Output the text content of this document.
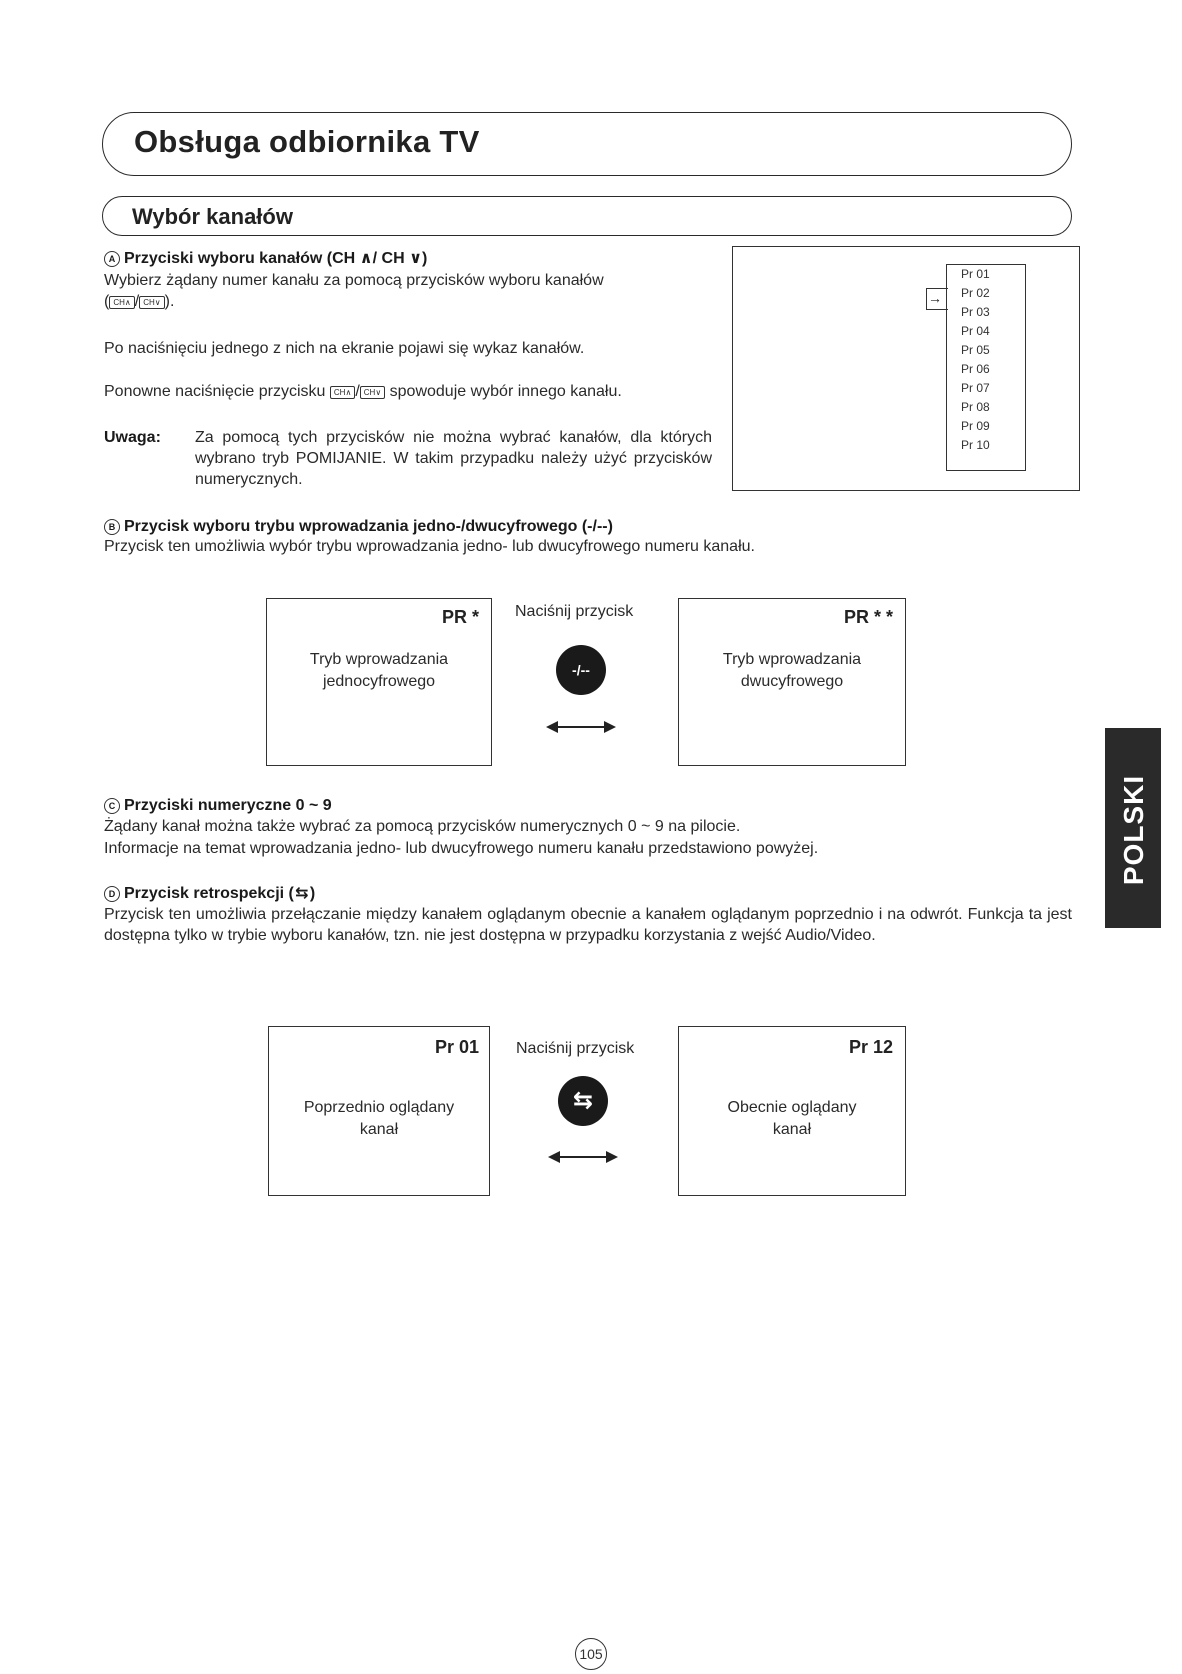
Obsługa odbiornika TV
Wybór kanałów
A Przyciski wyboru kanałów (CH ∧/ CH ∨)
Wybierz żądany numer kanału za pomocą przycisków wyboru kanałów
( CH∧ / CH∨ ).
Po naciśnięciu jednego z nich na ekranie pojawi się wykaz kanałów.
Ponowne naciśnięcie przycisku CH∧ / CH∨ spowoduje wybór innego kanału.
Uwaga: Za pomocą tych przycisków nie można wybrać kanałów, dla których wybrano tryb POMIJANIE. W takim przypadku należy użyć przycisków numerycznych.
→
Pr 01
Pr 02
Pr 03
Pr 04
Pr 05
Pr 06
Pr 07
Pr 08
Pr 09
Pr 10
B Przycisk wyboru trybu wprowadzania jedno-/dwucyfrowego (-/--)
Przycisk ten umożliwia wybór trybu wprowadzania jedno- lub dwucyfrowego numeru kanału.
PR *
Tryb wprowadzania
jednocyfrowego
Naciśnij przycisk
-/--
PR * *
Tryb wprowadzania
dwucyfrowego
C Przyciski numeryczne 0 ~ 9
Żądany kanał można także wybrać za pomocą przycisków numerycznych 0 ~ 9 na pilocie.
Informacje na temat wprowadzania jedno- lub dwucyfrowego numeru kanału przedstawiono powyżej.
D Przycisk retrospekcji (⇆)
Przycisk ten umożliwia przełączanie między kanałem oglądanym obecnie a kanałem oglądanym poprzednio i na odwrót. Funkcja ta jest dostępna tylko w trybie wyboru kanałów, tzn. nie jest dostępna w przypadku korzystania z wejść Audio/Video.
Pr 01
Poprzednio oglądany
kanał
Naciśnij przycisk
⇆
Pr 12
Obecnie oglądany
kanał
POLSKI
105
